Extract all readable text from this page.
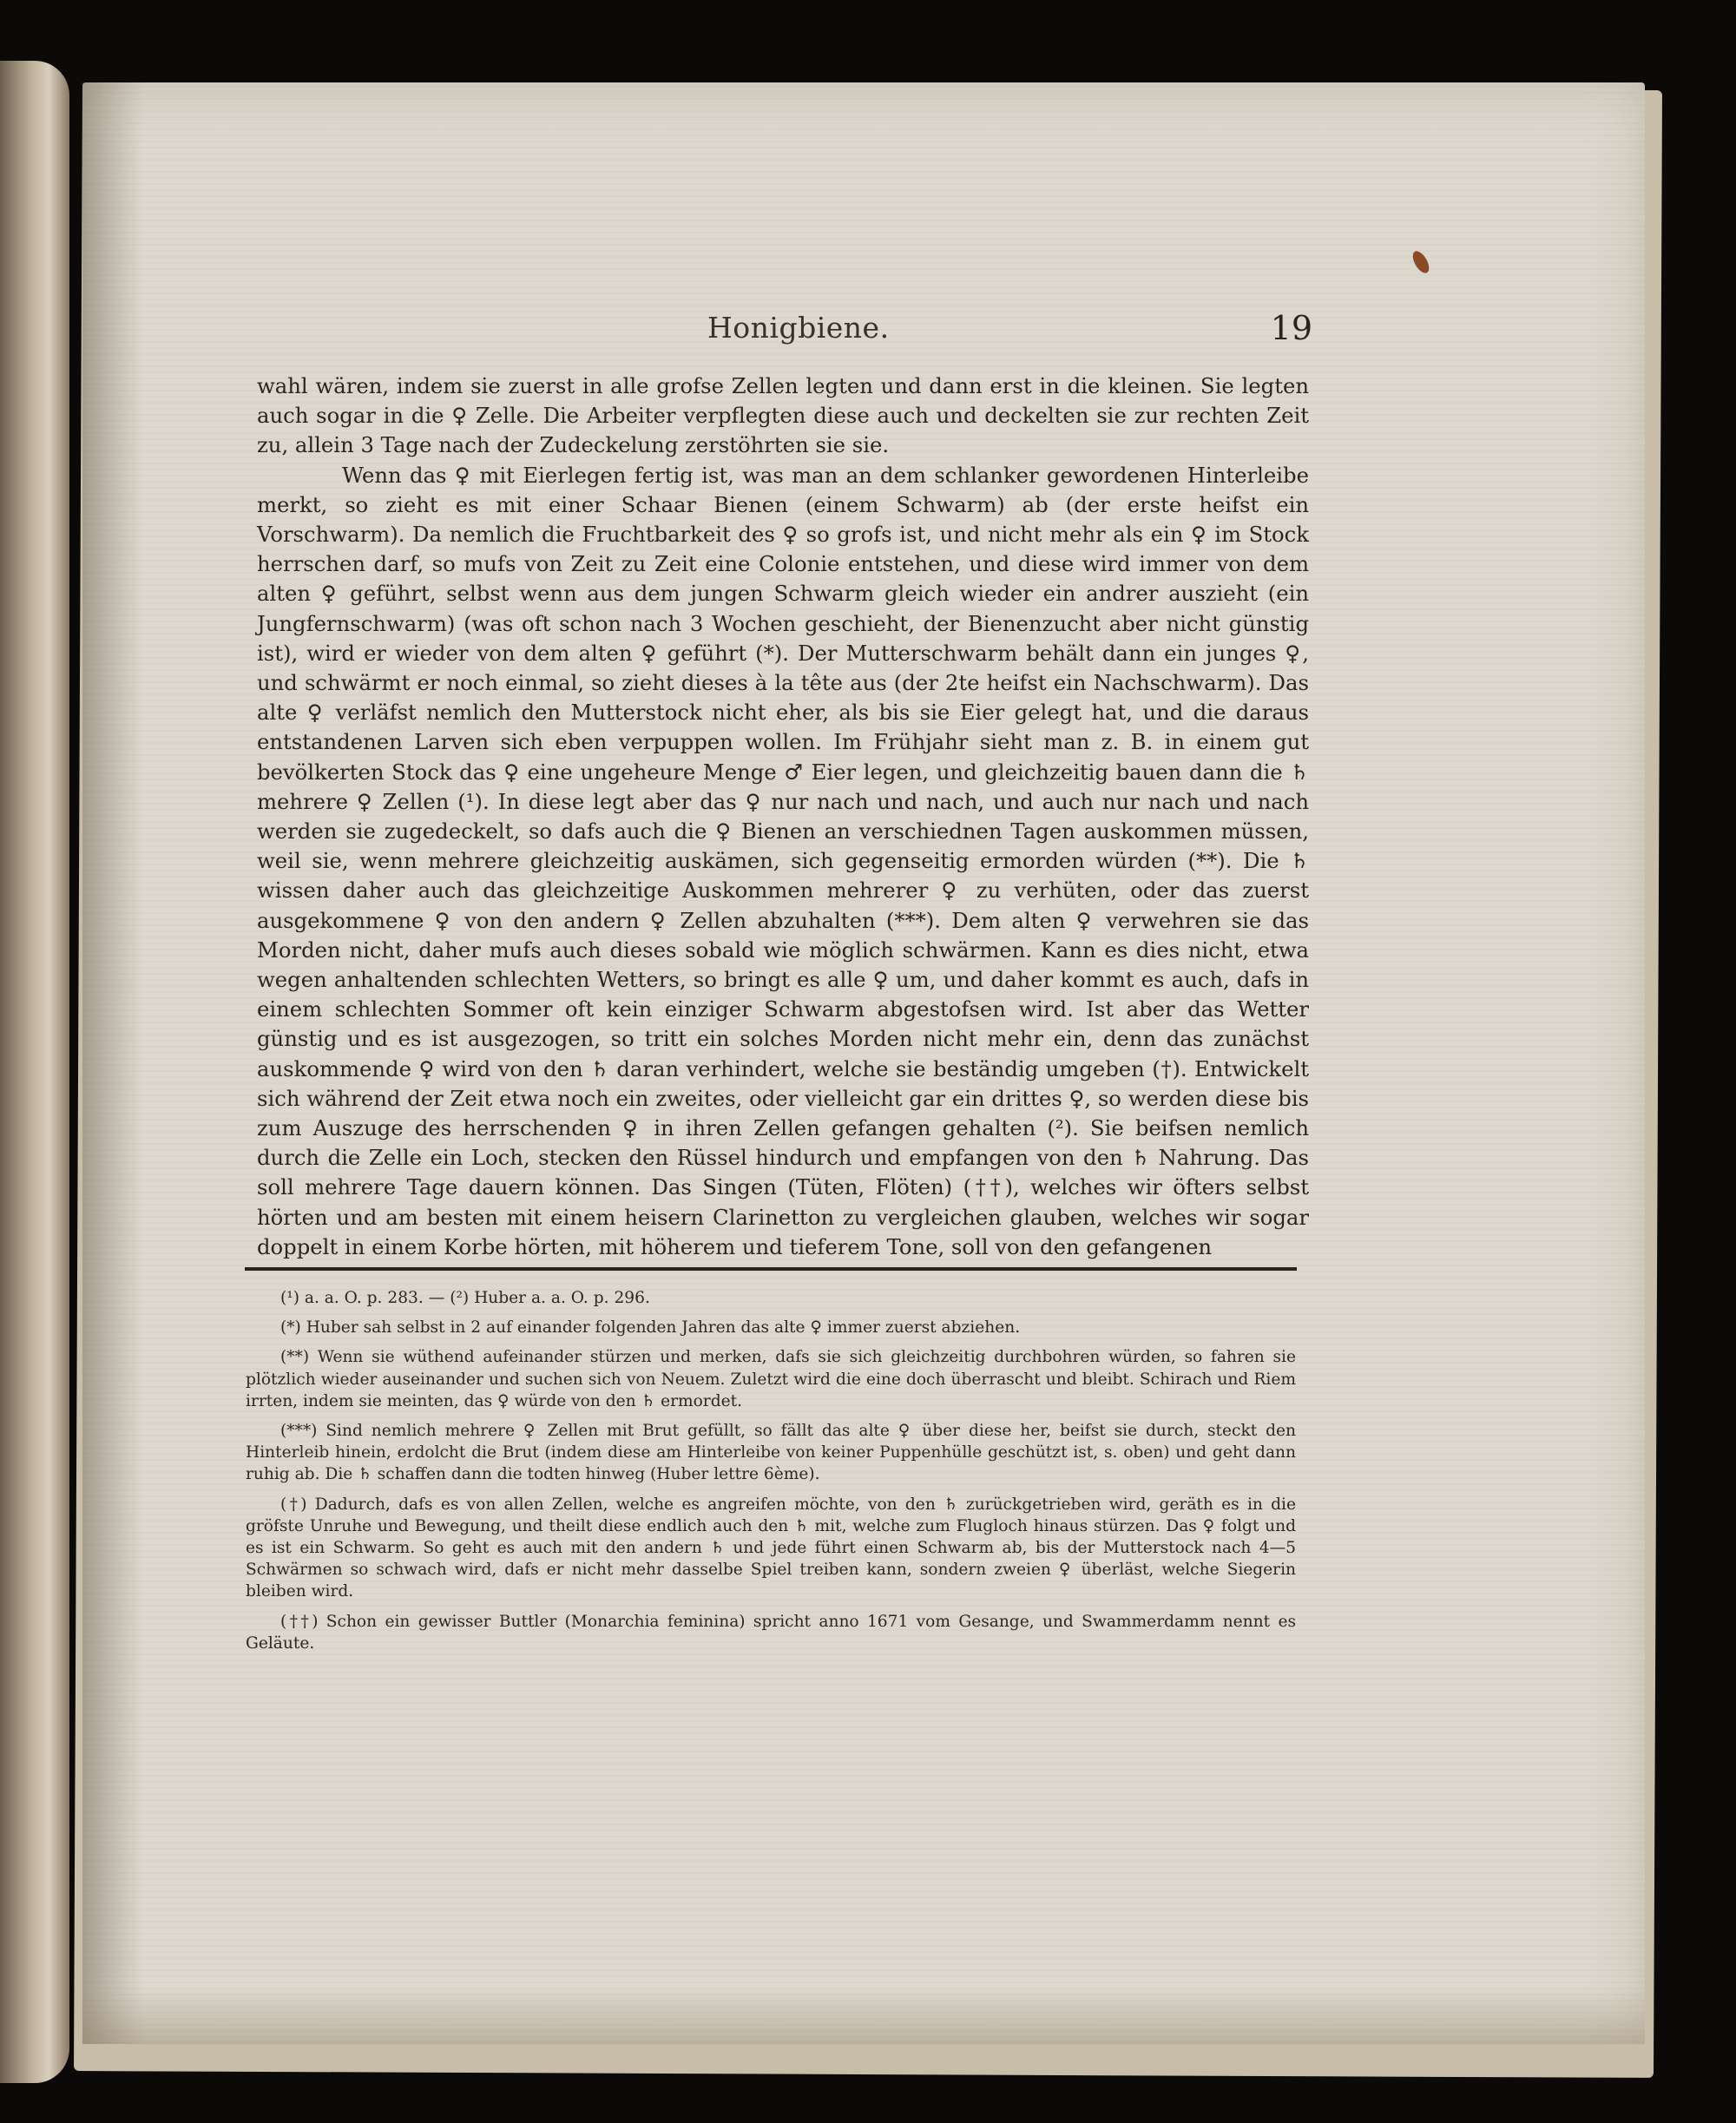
Honigbiene.	19

wahl wären, indem sie zuerst in alle grofse Zellen legten und dann erst in die kleinen. Sie legten auch sogar in die ♀ Zelle. Die Arbeiter verpflegten diese auch und deckelten sie zur rechten Zeit zu, allein 3 Tage nach der Zudeckelung zerstöhrten sie sie.

Wenn das ♀ mit Eierlegen fertig ist, was man an dem schlanker gewordenen Hinterleibe merkt, so zieht es mit einer Schaar Bienen (einem Schwarm) ab (der erste heifst ein Vorschwarm). Da nemlich die Fruchtbarkeit des ♀ so grofs ist, und nicht mehr als ein ♀ im Stock herrschen darf, so mufs von Zeit zu Zeit eine Colonie entstehen, und diese wird immer von dem alten ♀ geführt, selbst wenn aus dem jungen Schwarm gleich wieder ein andrer auszieht (ein Jungfernschwarm) (was oft schon nach 3 Wochen geschieht, der Bienenzucht aber nicht günstig ist), wird er wieder von dem alten ♀ geführt (*). Der Mutterschwarm behält dann ein junges ♀, und schwärmt er noch einmal, so zieht dieses à la tête aus (der 2te heifst ein Nachschwarm). Das alte ♀ verläfst nemlich den Mutterstock nicht eher, als bis sie Eier gelegt hat, und die daraus entstandenen Larven sich eben verpuppen wollen. Im Frühjahr sieht man z. B. in einem gut bevölkerten Stock das ♀ eine ungeheure Menge ♂ Eier legen, und gleichzeitig bauen dann die ♄ mehrere ♀ Zellen (¹). In diese legt aber das ♀ nur nach und nach, und auch nur nach und nach werden sie zugedeckelt, so dafs auch die ♀ Bienen an verschiednen Tagen auskommen müssen, weil sie, wenn mehrere gleichzeitig auskämen, sich gegenseitig ermorden würden (**). Die ♄ wissen daher auch das gleichzeitige Auskommen mehrerer ♀ zu verhüten, oder das zuerst ausgekommene ♀ von den andern ♀ Zellen abzuhalten (***). Dem alten ♀ verwehren sie das Morden nicht, daher mufs auch dieses sobald wie möglich schwärmen. Kann es dies nicht, etwa wegen anhaltenden schlechten Wetters, so bringt es alle ♀ um, und daher kommt es auch, dafs in einem schlechten Sommer oft kein einziger Schwarm abgestofsen wird. Ist aber das Wetter günstig und es ist ausgezogen, so tritt ein solches Morden nicht mehr ein, denn das zunächst auskommende ♀ wird von den ♄ daran verhindert, welche sie beständig umgeben (†). Entwickelt sich während der Zeit etwa noch ein zweites, oder vielleicht gar ein drittes ♀, so werden diese bis zum Auszuge des herrschenden ♀ in ihren Zellen gefangen gehalten (²). Sie beifsen nemlich durch die Zelle ein Loch, stecken den Rüssel hindurch und empfangen von den ♄ Nahrung. Das soll mehrere Tage dauern können. Das Singen (Tüten, Flöten) (††), welches wir öfters selbst hörten und am besten mit einem heisern Clarinetton zu vergleichen glauben, welches wir sogar doppelt in einem Korbe hörten, mit höherem und tieferem Tone, soll von den gefangenen

(¹) a. a. O. p. 283. — (²) Huber a. a. O. p. 296.

(*) Huber sah selbst in 2 auf einander folgenden Jahren das alte ♀ immer zuerst abziehen.

(**) Wenn sie wüthend aufeinander stürzen und merken, dafs sie sich gleichzeitig durchbohren würden, so fahren sie plötzlich wieder auseinander und suchen sich von Neuem. Zuletzt wird die eine doch überrascht und bleibt. Schirach und Riem irrten, indem sie meinten, das ♀ würde von den ♄ ermordet.

(***) Sind nemlich mehrere ♀ Zellen mit Brut gefüllt, so fällt das alte ♀ über diese her, beifst sie durch, steckt den Hinterleib hinein, erdolcht die Brut (indem diese am Hinterleibe von keiner Puppenhülle geschützt ist, s. oben) und geht dann ruhig ab. Die ♄ schaffen dann die todten hinweg (Huber lettre 6ème).

(†) Dadurch, dafs es von allen Zellen, welche es angreifen möchte, von den ♄ zurückgetrieben wird, geräth es in die gröfste Unruhe und Bewegung, und theilt diese endlich auch den ♄ mit, welche zum Flugloch hinaus stürzen. Das ♀ folgt und es ist ein Schwarm. So geht es auch mit den andern ♄ und jede führt einen Schwarm ab, bis der Mutterstock nach 4—5 Schwärmen so schwach wird, dafs er nicht mehr dasselbe Spiel treiben kann, sondern zweien ♀ überläst, welche Siegerin bleiben wird.

(††) Schon ein gewisser Buttler (Monarchia feminina) spricht anno 1671 vom Gesange, und Swammerdamm nennt es Geläute.
